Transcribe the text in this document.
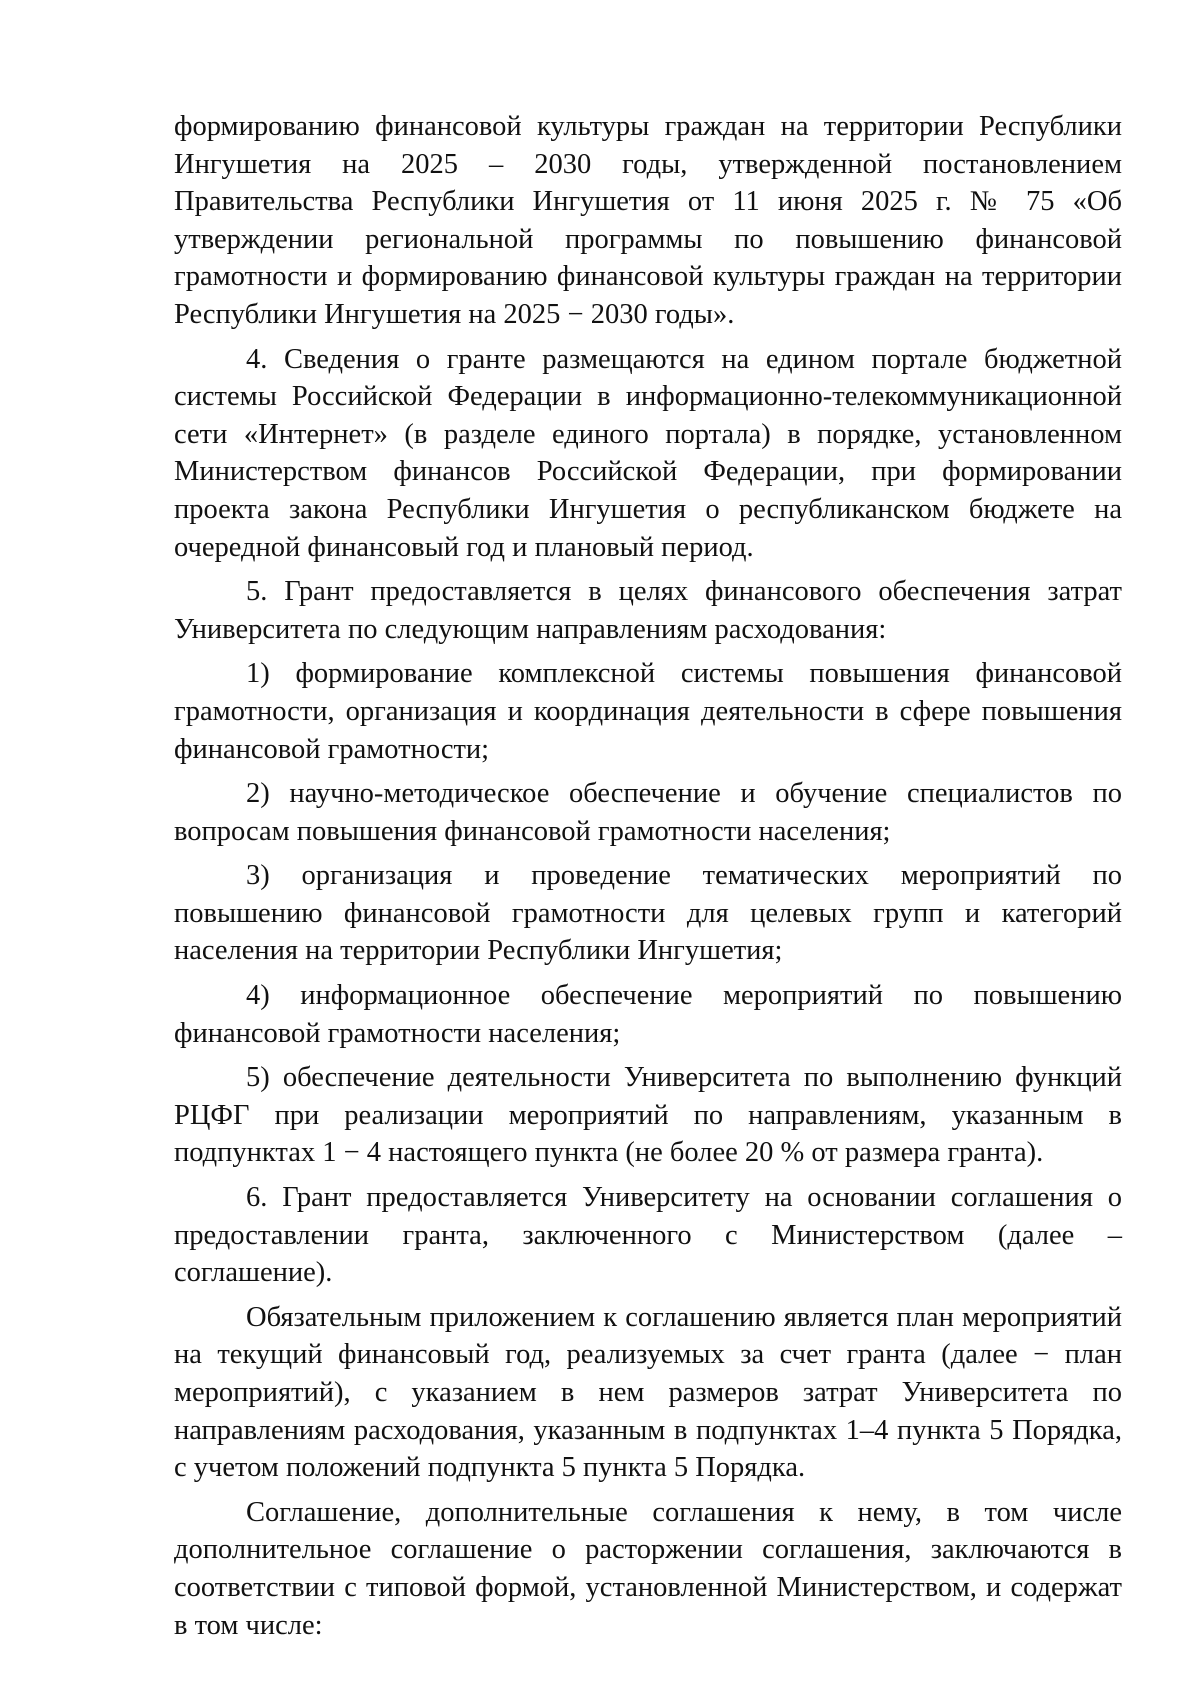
формированию финансовой культуры граждан на территории Республики Ингушетия на 2025 – 2030 годы, утвержденной постановлением Правительства Республики Ингушетия от 11 июня 2025 г. № 75 «Об утверждении региональной программы по повышению финансовой грамотности и формированию финансовой культуры граждан на территории Республики Ингушетия на 2025 − 2030 годы».

4. Сведения о гранте размещаются на едином портале бюджетной системы Российской Федерации в информационно-телекоммуникационной сети «Интернет» (в разделе единого портала) в порядке, установленном Министерством финансов Российской Федерации, при формировании проекта закона Республики Ингушетия о республиканском бюджете на очередной финансовый год и плановый период.

5. Грант предоставляется в целях финансового обеспечения затрат Университета по следующим направлениям расходования:

1) формирование комплексной системы повышения финансовой грамотности, организация и координация деятельности в сфере повышения финансовой грамотности;

2) научно-методическое обеспечение и обучение специалистов по вопросам повышения финансовой грамотности населения;

3) организация и проведение тематических мероприятий по повышению финансовой грамотности для целевых групп и категорий населения на территории Республики Ингушетия;

4) информационное обеспечение мероприятий по повышению финансовой грамотности населения;

5) обеспечение деятельности Университета по выполнению функций РЦФГ при реализации мероприятий по направлениям, указанным в подпунктах 1 − 4 настоящего пункта (не более 20 % от размера гранта).

6. Грант предоставляется Университету на основании соглашения о предоставлении гранта, заключенного с Министерством (далее – соглашение).

Обязательным приложением к соглашению является план мероприятий на текущий финансовый год, реализуемых за счет гранта (далее − план мероприятий), с указанием в нем размеров затрат Университета по направлениям расходования, указанным в подпунктах 1–4 пункта 5 Порядка, с учетом положений подпункта 5 пункта 5 Порядка.

Соглашение, дополнительные соглашения к нему, в том числе дополнительное соглашение о расторжении соглашения, заключаются в соответствии с типовой формой, установленной Министерством, и содержат в том числе:
